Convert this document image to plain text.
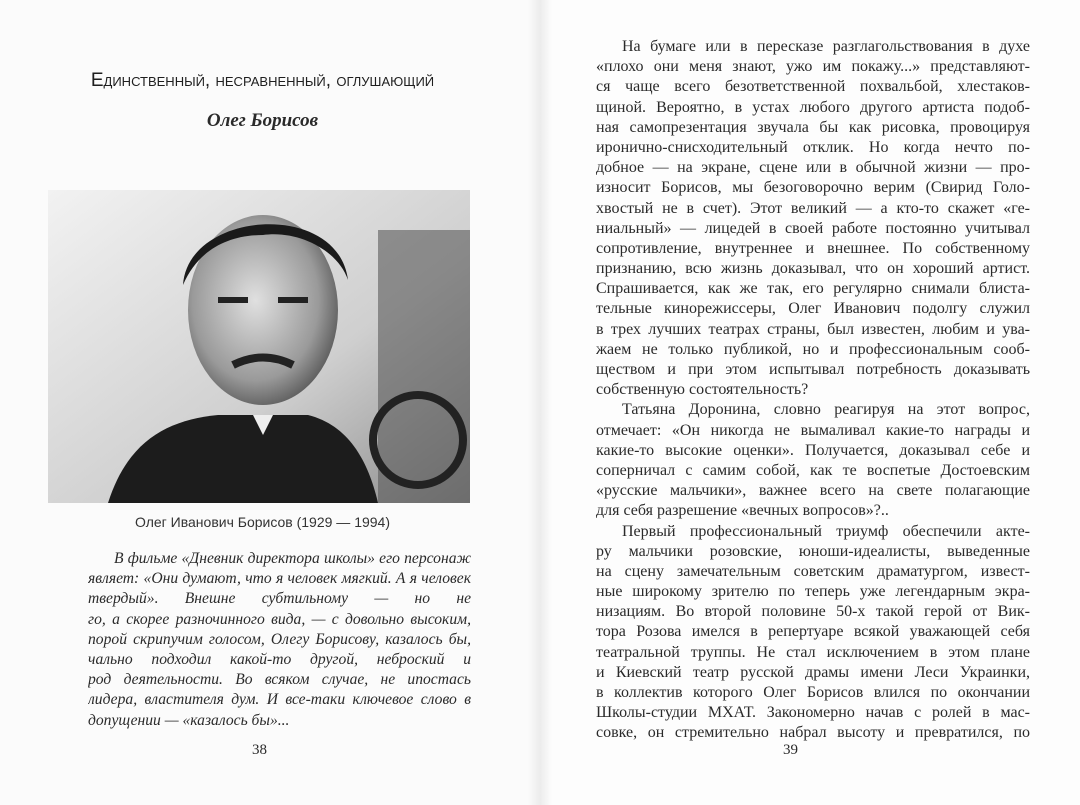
Единственный, несравненный, оглушающий
Олег Борисов
Олег Иванович Борисов (1929 — 1994)
В фильме «Дневник директора школы» его персонаж
являет: «Они думают, что я человек мягкий. А я человек
твердый». Внешне субтильному — но не
го, а скорее разночинного вида, — с довольно высоким,
порой скрипучим голосом, Олегу Борисову, казалось бы,
чально подходил какой-то другой, неброский и
род деятельности. Во всяком случае, не ипостась
лидера, властителя дум. И все-таки ключевое слово в
допущении — «казалось бы»...
38
На бумаге или в пересказе разглагольствования в духе
«плохо они меня знают, ужо им покажу...» представляют-
ся чаще всего безответственной похвальбой, хлестаков-
щиной. Вероятно, в устах любого другого артиста подоб-
ная самопрезентация звучала бы как рисовка, провоцируя
иронично-снисходительный отклик. Но когда нечто по-
добное — на экране, сцене или в обычной жизни — про-
износит Борисов, мы безоговорочно верим (Свирид Голо-
хвостый не в счет). Этот великий — а кто-то скажет «ге-
ниальный» — лицедей в своей работе постоянно учитывал
сопротивление, внутреннее и внешнее. По собственному
признанию, всю жизнь доказывал, что он хороший артист.
Спрашивается, как же так, его регулярно снимали блиста-
тельные кинорежиссеры, Олег Иванович подолгу служил
в трех лучших театрах страны, был известен, любим и ува-
жаем не только публикой, но и профессиональным сооб-
ществом и при этом испытывал потребность доказывать
собственную состоятельность?
Татьяна Доронина, словно реагируя на этот вопрос,
отмечает: «Он никогда не вымаливал какие-то награды и
какие-то высокие оценки». Получается, доказывал себе и
соперничал с самим собой, как те воспетые Достоевским
«русские мальчики», важнее всего на свете полагающие
для себя разрешение «вечных вопросов»?..
Первый профессиональный триумф обеспечили акте-
ру мальчики розовские, юноши-идеалисты, выведенные
на сцену замечательным советским драматургом, извест-
ные широкому зрителю по теперь уже легендарным экра-
низациям. Во второй половине 50-х такой герой от Вик-
тора Розова имелся в репертуаре всякой уважающей себя
театральной труппы. Не стал исключением в этом плане
и Киевский театр русской драмы имени Леси Украинки,
в коллектив которого Олег Борисов влился по окончании
Школы-студии МХАТ. Закономерно начав с ролей в мас-
совке, он стремительно набрал высоту и превратился, по
39
